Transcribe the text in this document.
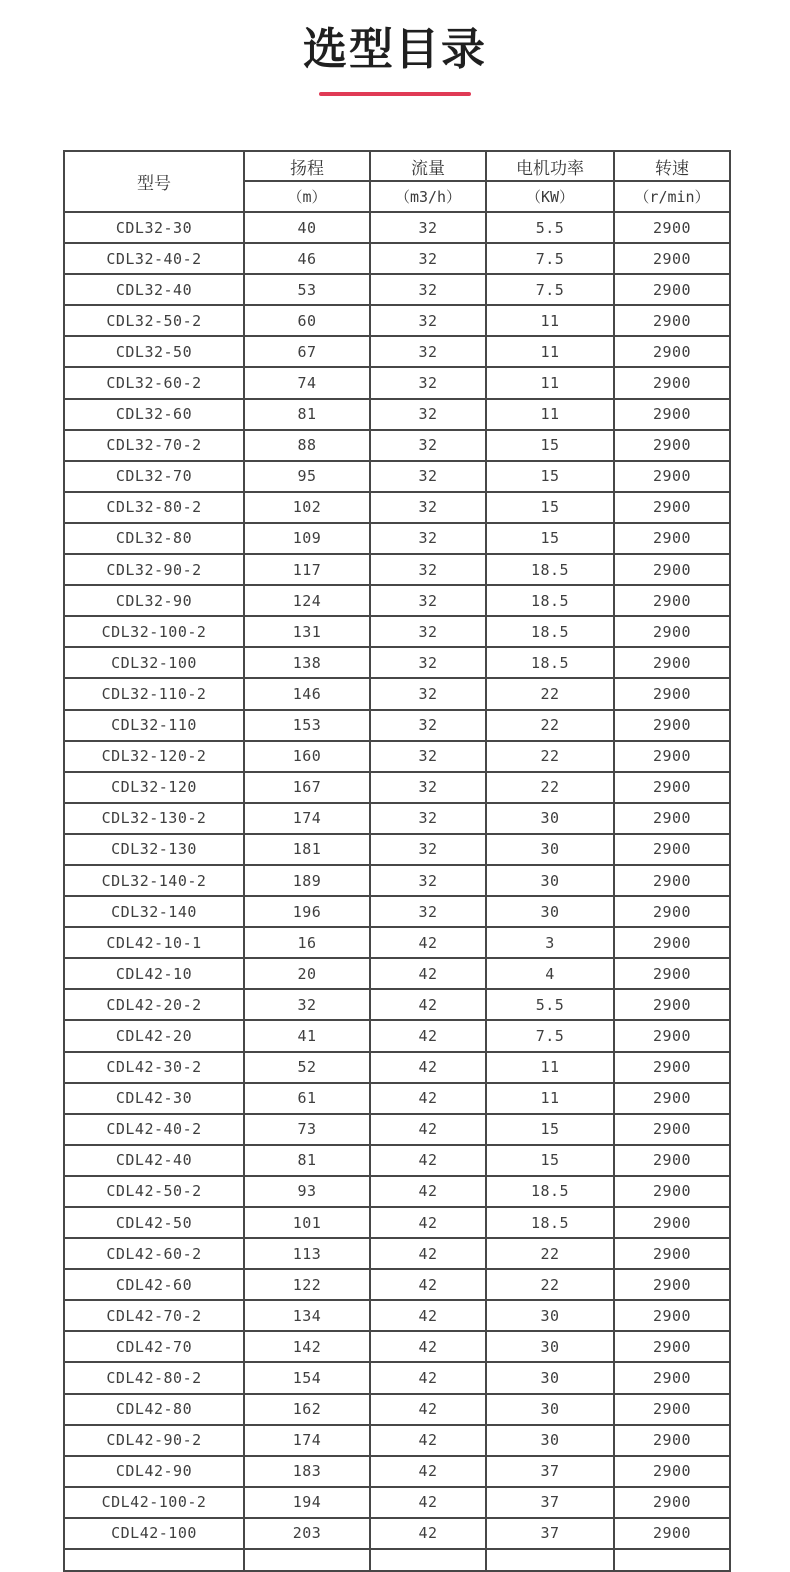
选型目录
型号	扬程	流量	电机功率	转速
	（m）	（m3/h）	（KW）	（r/min）
CDL32-30	40	32	5.5	2900
CDL32-40-2	46	32	7.5	2900
CDL32-40	53	32	7.5	2900
CDL32-50-2	60	32	11	2900
CDL32-50	67	32	11	2900
CDL32-60-2	74	32	11	2900
CDL32-60	81	32	11	2900
CDL32-70-2	88	32	15	2900
CDL32-70	95	32	15	2900
CDL32-80-2	102	32	15	2900
CDL32-80	109	32	15	2900
CDL32-90-2	117	32	18.5	2900
CDL32-90	124	32	18.5	2900
CDL32-100-2	131	32	18.5	2900
CDL32-100	138	32	18.5	2900
CDL32-110-2	146	32	22	2900
CDL32-110	153	32	22	2900
CDL32-120-2	160	32	22	2900
CDL32-120	167	32	22	2900
CDL32-130-2	174	32	30	2900
CDL32-130	181	32	30	2900
CDL32-140-2	189	32	30	2900
CDL32-140	196	32	30	2900
CDL42-10-1	16	42	3	2900
CDL42-10	20	42	4	2900
CDL42-20-2	32	42	5.5	2900
CDL42-20	41	42	7.5	2900
CDL42-30-2	52	42	11	2900
CDL42-30	61	42	11	2900
CDL42-40-2	73	42	15	2900
CDL42-40	81	42	15	2900
CDL42-50-2	93	42	18.5	2900
CDL42-50	101	42	18.5	2900
CDL42-60-2	113	42	22	2900
CDL42-60	122	42	22	2900
CDL42-70-2	134	42	30	2900
CDL42-70	142	42	30	2900
CDL42-80-2	154	42	30	2900
CDL42-80	162	42	30	2900
CDL42-90-2	174	42	30	2900
CDL42-90	183	42	37	2900
CDL42-100-2	194	42	37	2900
CDL42-100	203	42	37	2900
